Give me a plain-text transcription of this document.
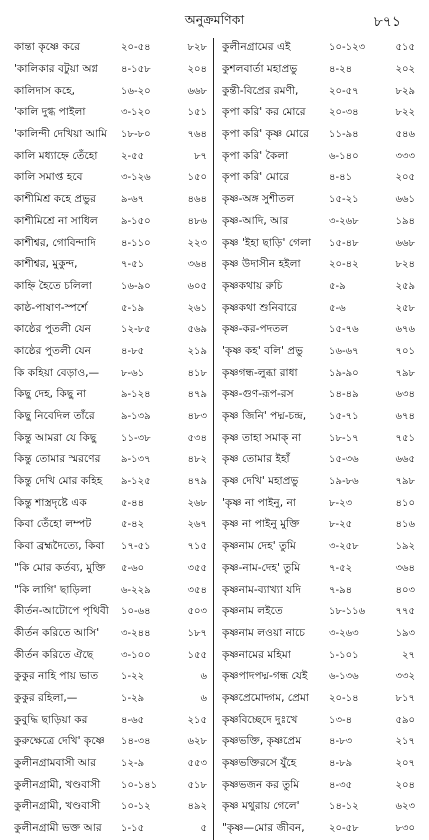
অনুক্রমণিকা	৮৭১
কান্তা কৃষ্ণে করে	২০-৫৪	৮২৮
'কালিকার বটুয়া অগ্ন	৪-১৫৮	২০৪
কালিদাস কহে,	১৬-২০	৬৬৮
'কালি দুগ্ধ পাইলা	৩-১২০	১৫১
'কালিন্দী দেখিয়া আমি	১৮-৮০	৭৬৪
কালি মধ্যাহ্নে তেঁহো	২-৫৫	৮৭
কালি সমাপ্ত হবে	৩-১২৬	১৫০
কাশীমিশ্র কহে প্রভুর	৯-৬৭	৪৬৪
কাশীমিশ্রে না সাধিল	৯-১৫০	৪৮৬
কাশীশ্বর, গোবিন্দাদি	৪-১১০	২২৩
কাশীশ্বর, মুকুন্দ,	৭-৫১	৩৬৪
কাহ্নি হৈতে চলিলা	১৬-৯০	৬০৫
কাষ্ঠ-পাষাণ-স্পর্শে	৫-১৯	২৬১
কাষ্ঠের পুতলী যেন	১২-৮৫	৫৬৯
কাষ্ঠের পুতলী যেন	৪-৮৫	২১৯
কি কহিয়া বেড়াও,—	৮-৬১	৪১৮
কিছু দেহ, কিছু না	৯-১২৪	৪৭৯
কিছু নিবেদিল তাঁরে	৯-১৩৯	৪৮৩
কিন্তু আমরা যে কিছু	১১-৩৮	৫৩৪
কিন্তু তোমার স্মরণের	৯-১৩৭	৪৮২
কিন্তু দেখি মোর কহিহ	৯-১২৫	৪৭৯
কিন্তু শাস্ত্রদৃষ্টে এক	৫-৪৪	২৬৮
কিবা তেঁহো লম্পট	৫-৪২	২৬৭
কিবা ব্রহ্মদৈত্যে, কিবা	১৭-৫১	৭১৫
"কি মোর কর্তব্য, মুক্তি	৫-৬০	৩৫৫
"কি লাগি' ছাড়িলা	৬-২২৯	৩৫৪
কীর্তন-আটোপে পৃথিবী	১০-৬৪	৫০৩
কীর্তন করিতে আসি'	৩-২৪৪	১৮৭
কীর্তন করিতে ঐছে	৩-১০০	১৫৫
কুকুর নাহি পায় ভাত	১-২২	৬
কুকুর রহিলা,—	১-২৯	৬
কুবুদ্ধি ছাড়িয়া কর	৪-৬৫	২১৫
কুরুক্ষেত্রে দেখি' কৃষ্ণে	১৪-৩৪	৬২৮
কুলীনগ্রামবাসী আর	১২-৯	৫৫৩
কুলীনগ্রামী, খণ্ডবাসী	১০-১৪১	৫১৮
কুলীনগ্রামী, খণ্ডবাসী	১০-১২	৪৯২
কুলীনগ্রামী ভক্ত আর	১-১৫	৫
কুলীনগ্রামের এই	১০-১২৩	৫১৫
কুশলবার্তা মহাপ্রভু	৪-২৪	২০২
কুন্তী-বিপ্রের রমণী,	২০-৫৭	৮২৯
কৃপা করি' কর মোরে	২০-৩৪	৮২২
কৃপা করি' কৃষ্ণ মোরে	১১-৯৪	৫৪৬
কৃপা করি' কৈলা	৬-১৪০	৩৩৩
কৃপা করি' মোরে	৪-৪১	২০৫
কৃষ্ণ-অঙ্গ সুশীতল	১৫-২১	৬৬১
কৃষ্ণ-আদি, আর	৩-২৬৮	১৯৪
কৃষ্ণ 'ইহা ছাড়ি' গেলা	১৫-৪৮	৬৬৮
কৃষ্ণ উদাসীন হইলা	২০-৪২	৮২৪
কৃষ্ণকথায় রুচি	৫-৯	২৫৯
কৃষ্ণকথা শুনিবারে	৫-৬	২৫৮
কৃষ্ণ-কর-পদতল	১৫-৭৬	৬৭৬
'কৃষ্ণ কহ' বলি' প্রভু	১৬-৬৭	৭০১
কৃষ্ণগন্ধ-লুব্ধা রাধা	১৯-৯০	৭৯৮
কৃষ্ণ-গুণ-রূপ-রস	১৪-৪৯	৬৩৪
কৃষ্ণ জিনি' পদ্ম-চন্দ্র,	১৫-৭১	৬৭৪
কৃষ্ণ তাহা সমাক্ না	১৮-১৭	৭৫১
কৃষ্ণ তোমার ইহাঁ	১৫-৩৬	৬৬৫
কৃষ্ণ দেখি' মহাপ্রভু	১৯-৮৬	৭৯৮
'কৃষ্ণ না পাইনু, না	৮-২৩	৪১০
কৃষ্ণ না পাইনু মুক্তি	৮-২৫	৪১৬
কৃষ্ণনাম দেহ' তুমি	৩-২৫৮	১৯২
কৃষ্ণ-নাম-দেহ' তুমি	৭-৫২	৩৬৪
কৃষ্ণনাম-ব্যাখ্যা যদি	৭-৯৪	৪০৩
কৃষ্ণনাম লইতে	১৮-১১৬	৭৭৫
কৃষ্ণনাম লওয়া নাচে	৩-২৬৩	১৯৩
কৃষ্ণনামের মহিমা	১-১০১	২৭
কৃষ্ণপাদপদ্ম-গন্ধ যেই	৬-১৩৬	৩৩২
কৃষ্ণপ্রেমোদ্গম, প্রেমা	২০-১৪	৮১৭
কৃষ্ণবিচ্ছেদে দুঃখে	১৩-৪	৫৯০
কৃষ্ণভক্তি, কৃষ্ণপ্রেম	৪-৮৩	২১৭
কৃষ্ণভক্তিরসে যুঁহে	৪-৮৯	২০৭
কৃষ্ণভজন কর তুমি	৪-৩৫	২০৪
কৃষ্ণ মথুরায় গেলে'	১৪-১২	৬২৩
"কৃষ্ণ—মোর জীবন,	২০-৫৮	৮৩০
